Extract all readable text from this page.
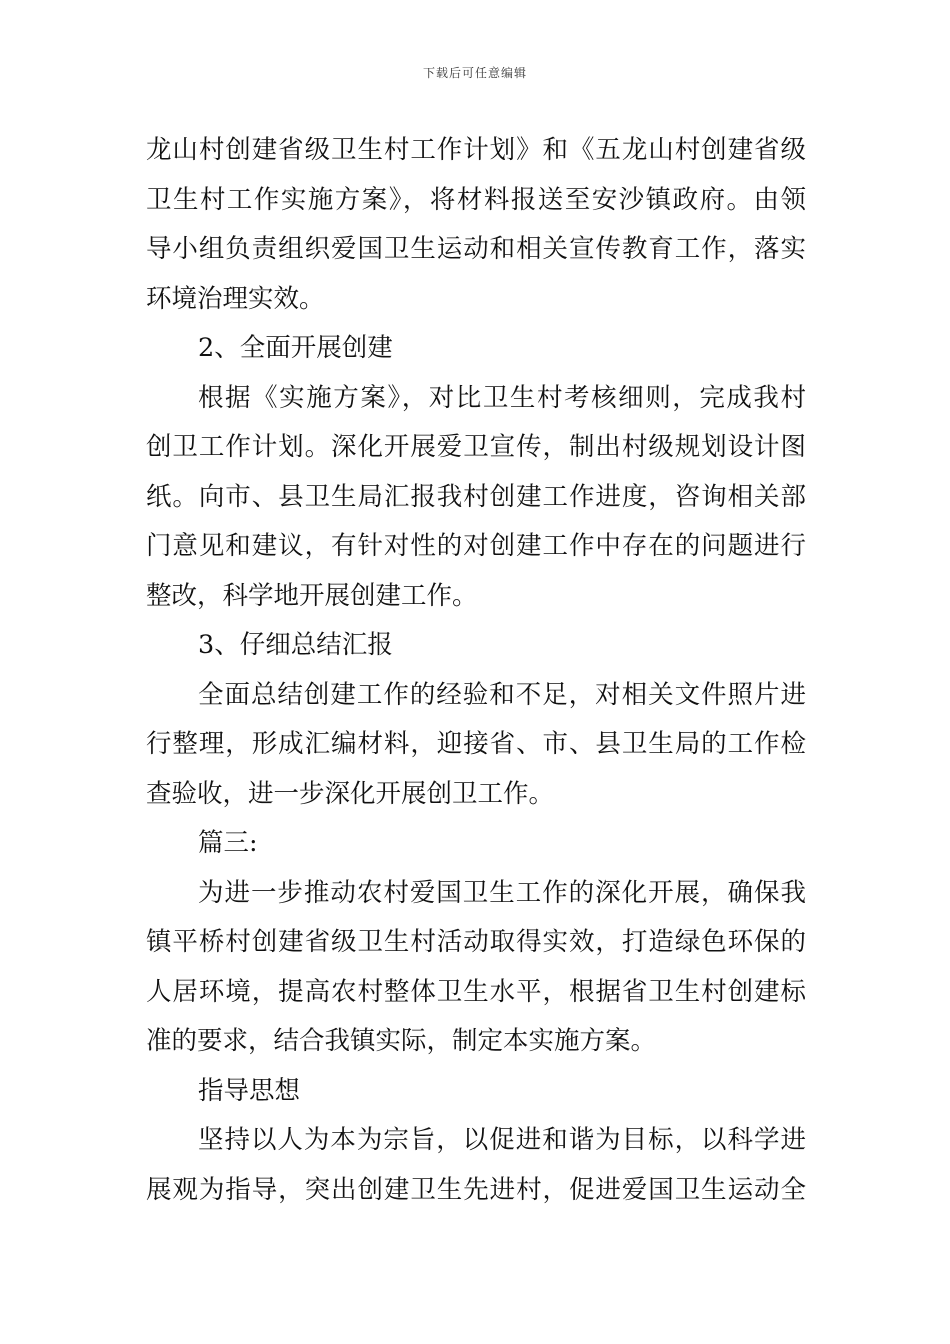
下载后可任意编辑
龙山村创建省级卫生村工作计划》和《五龙山村创建省级
卫生村工作实施方案》，将材料报送至安沙镇政府。由领
导小组负责组织爱国卫生运动和相关宣传教育工作，落实
环境治理实效。
2、全面开展创建
根据《实施方案》，对比卫生村考核细则，完成我村
创卫工作计划。深化开展爱卫宣传，制出村级规划设计图
纸。向市、县卫生局汇报我村创建工作进度，咨询相关部
门意见和建议，有针对性的对创建工作中存在的问题进行
整改，科学地开展创建工作。
3、仔细总结汇报
全面总结创建工作的经验和不足，对相关文件照片进
行整理，形成汇编材料，迎接省、市、县卫生局的工作检
查验收，进一步深化开展创卫工作。
篇三:
为进一步推动农村爱国卫生工作的深化开展，确保我
镇平桥村创建省级卫生村活动取得实效，打造绿色环保的
人居环境，提高农村整体卫生水平，根据省卫生村创建标
准的要求，结合我镇实际，制定本实施方案。
指导思想
坚持以人为本为宗旨，以促进和谐为目标，以科学进
展观为指导，突出创建卫生先进村，促进爱国卫生运动全
